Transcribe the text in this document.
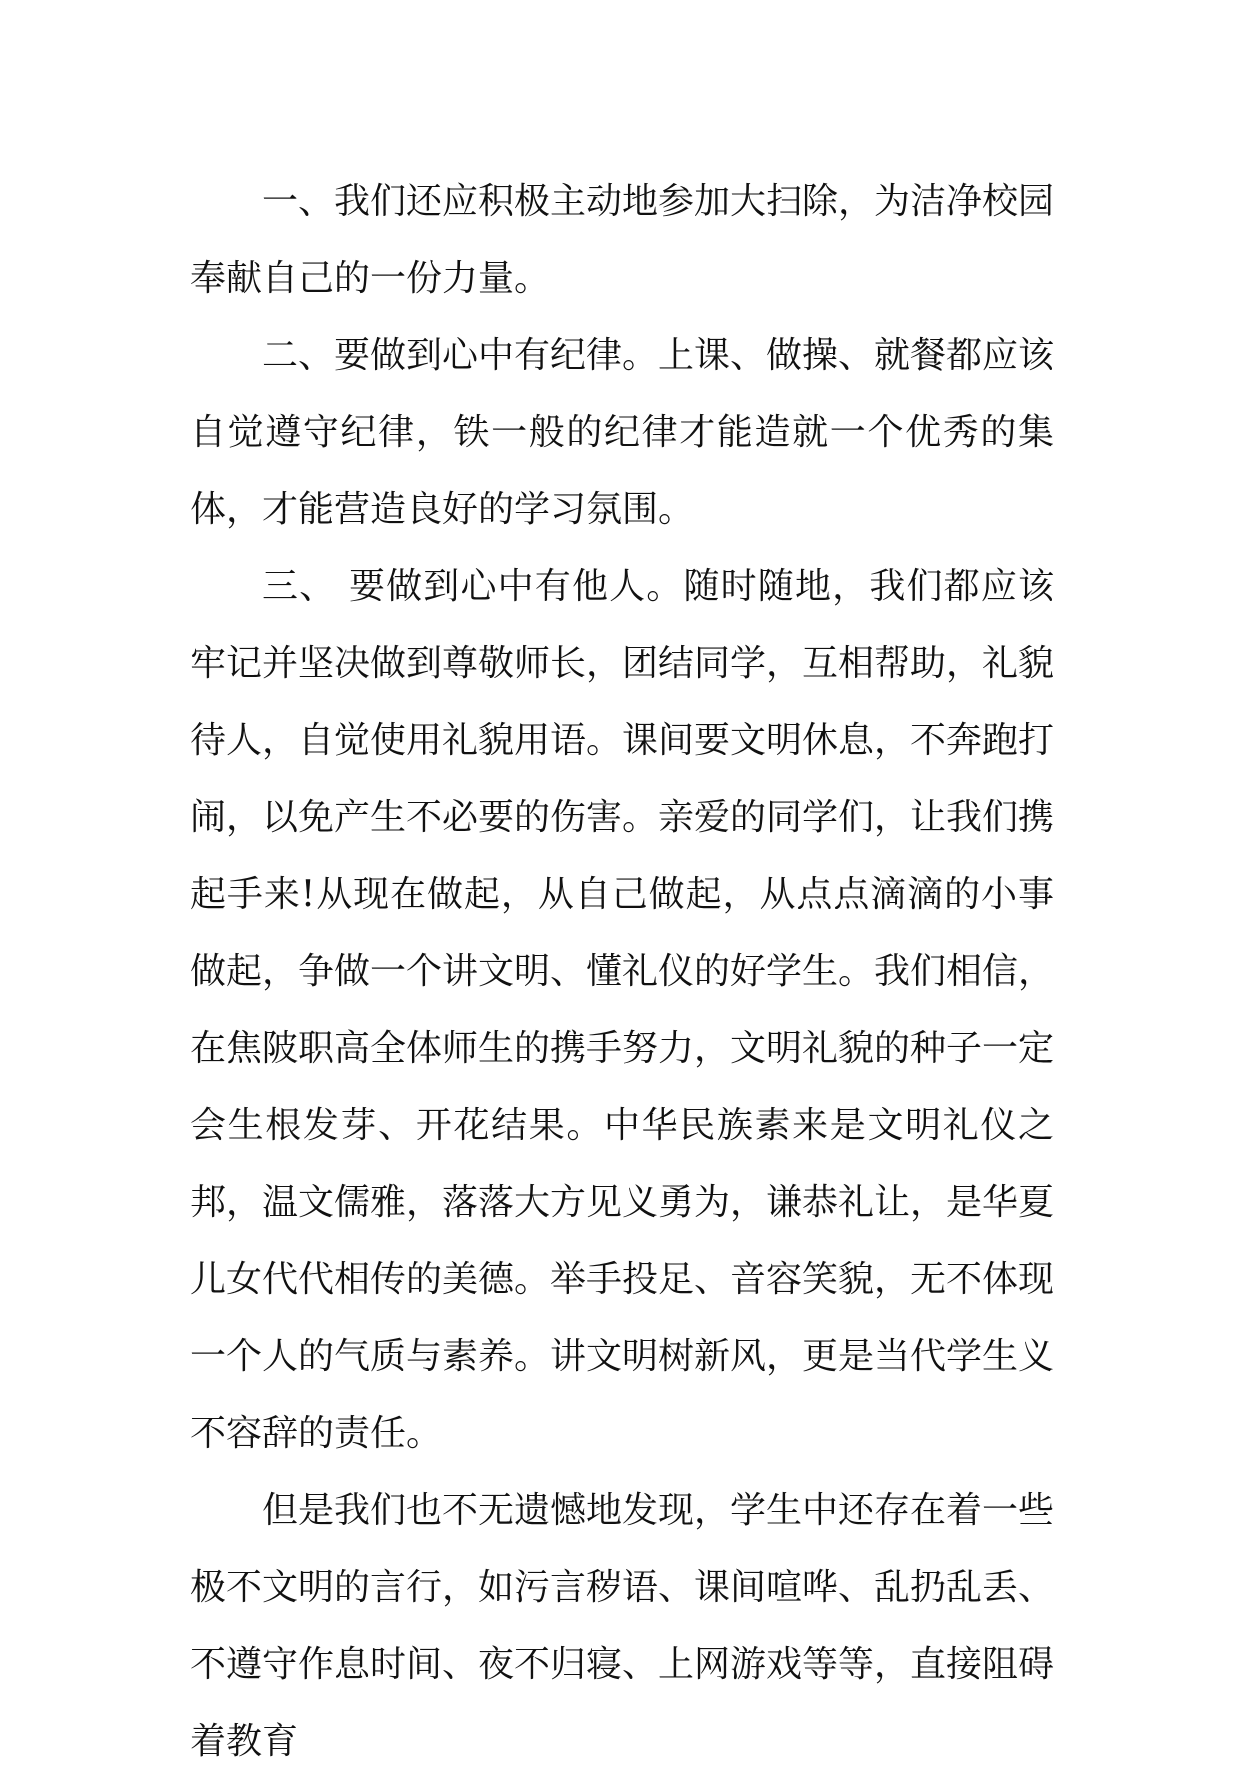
一、我们还应积极主动地参加大扫除，为洁净校园奉献自己的一份力量。

二、要做到心中有纪律。上课、做操、就餐都应该自觉遵守纪律，铁一般的纪律才能造就一个优秀的集体，才能营造良好的学习氛围。

三、 要做到心中有他人。随时随地，我们都应该牢记并坚决做到尊敬师长，团结同学，互相帮助，礼貌待人，自觉使用礼貌用语。课间要文明休息，不奔跑打闹，以免产生不必要的伤害。亲爱的同学们，让我们携起手来!从现在做起，从自己做起，从点点滴滴的小事做起，争做一个讲文明、懂礼仪的好学生。我们相信，在焦陂职高全体师生的携手努力，文明礼貌的种子一定会生根发芽、开花结果。中华民族素来是文明礼仪之邦，温文儒雅，落落大方见义勇为，谦恭礼让，是华夏儿女代代相传的美德。举手投足、音容笑貌，无不体现一个人的气质与素养。讲文明树新风，更是当代学生义不容辞的责任。

但是我们也不无遗憾地发现，学生中还存在着一些极不文明的言行，如污言秽语、课间喧哗、乱扔乱丢、不遵守作息时间、夜不归寝、上网游戏等等，直接阻碍着教育
